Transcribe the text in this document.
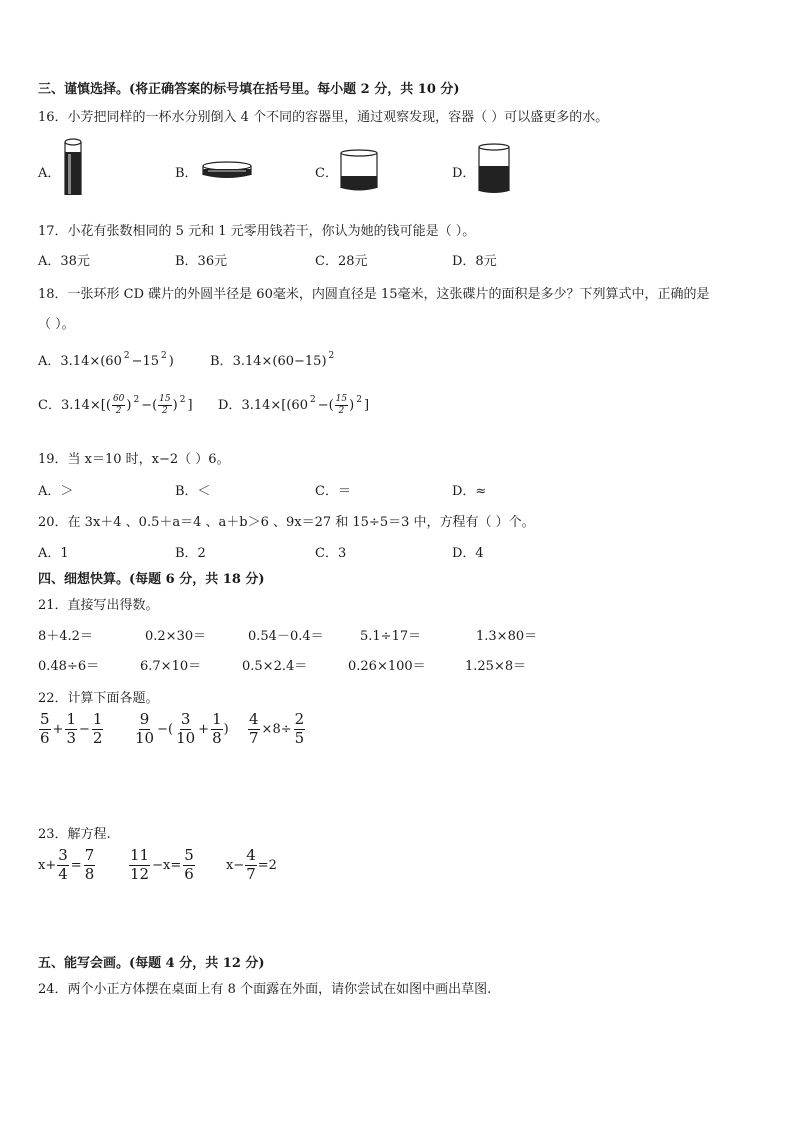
三、谨慎选择。(将正确答案的标号填在括号里。每小题 2 分，共 10 分)
16．小芳把同样的一杯水分别倒入 4 个不同的容器里，通过观察发现，容器（ ）可以盛更多的水。
A．	B．	C．	D．
17．小花有张数相同的 5 元和 1 元零用钱若干，你认为她的钱可能是（ ）。
A．38元	B．36元	C．28元	D．8元
18．一张环形 CD 碟片的外圆半径是 60毫米，内圆直径是 15毫米，这张碟片的面积是多少？下列算式中，正确的是
（ ）。
A．3.14×(60 $^2$ −15 $^2$ )	B．3.14×(60−15) $^2$
C．$3.14\times[( \frac{60}{2}$ ) $^2$ −( $\frac{15}{2}$ ) $^2$ ] D．3.14×[(60 $^2$ −( $\frac{15}{2}$ ) $^2$ ]
19．当 x＝10 时，x−2（ ）6。
A．＞	B．＜	C．＝	D．≈
20．在 3x＋4 、0.5＋a＝4 、a＋b＞6 、9x＝27 和 15÷5＝3 中，方程有（ ）个。
A．1	B．2	C．3	D．4
四、细想快算。(每题 6 分，共 18 分)
21．直接写出得数。
8＋4.2＝	0.2×30＝	0.54－0.4＝	5.1÷17＝	1.3×80＝
0.48÷6＝	6.7×10＝	0.5×2.4＝	0.26×100＝	1.25×8＝
22．计算下面各题。
$\frac{5}{6} + \frac{1}{3} - \frac{1}{2} \frac{9}{10}$ −( $\frac{3}{10} + \frac{1}{8}$ ) $\frac{4}{7} \times 8\div \frac{2}{5}$
23．解方程.
$x+ \frac{3}{4} = \frac{7}{8} \frac{11}{12} -x= \frac{5}{6} x- \frac{4}{7} =2$
五、能写会画。(每题 4 分，共 12 分)
24．两个小正方体摆在桌面上有 8 个面露在外面，请你尝试在如图中画出草图.
